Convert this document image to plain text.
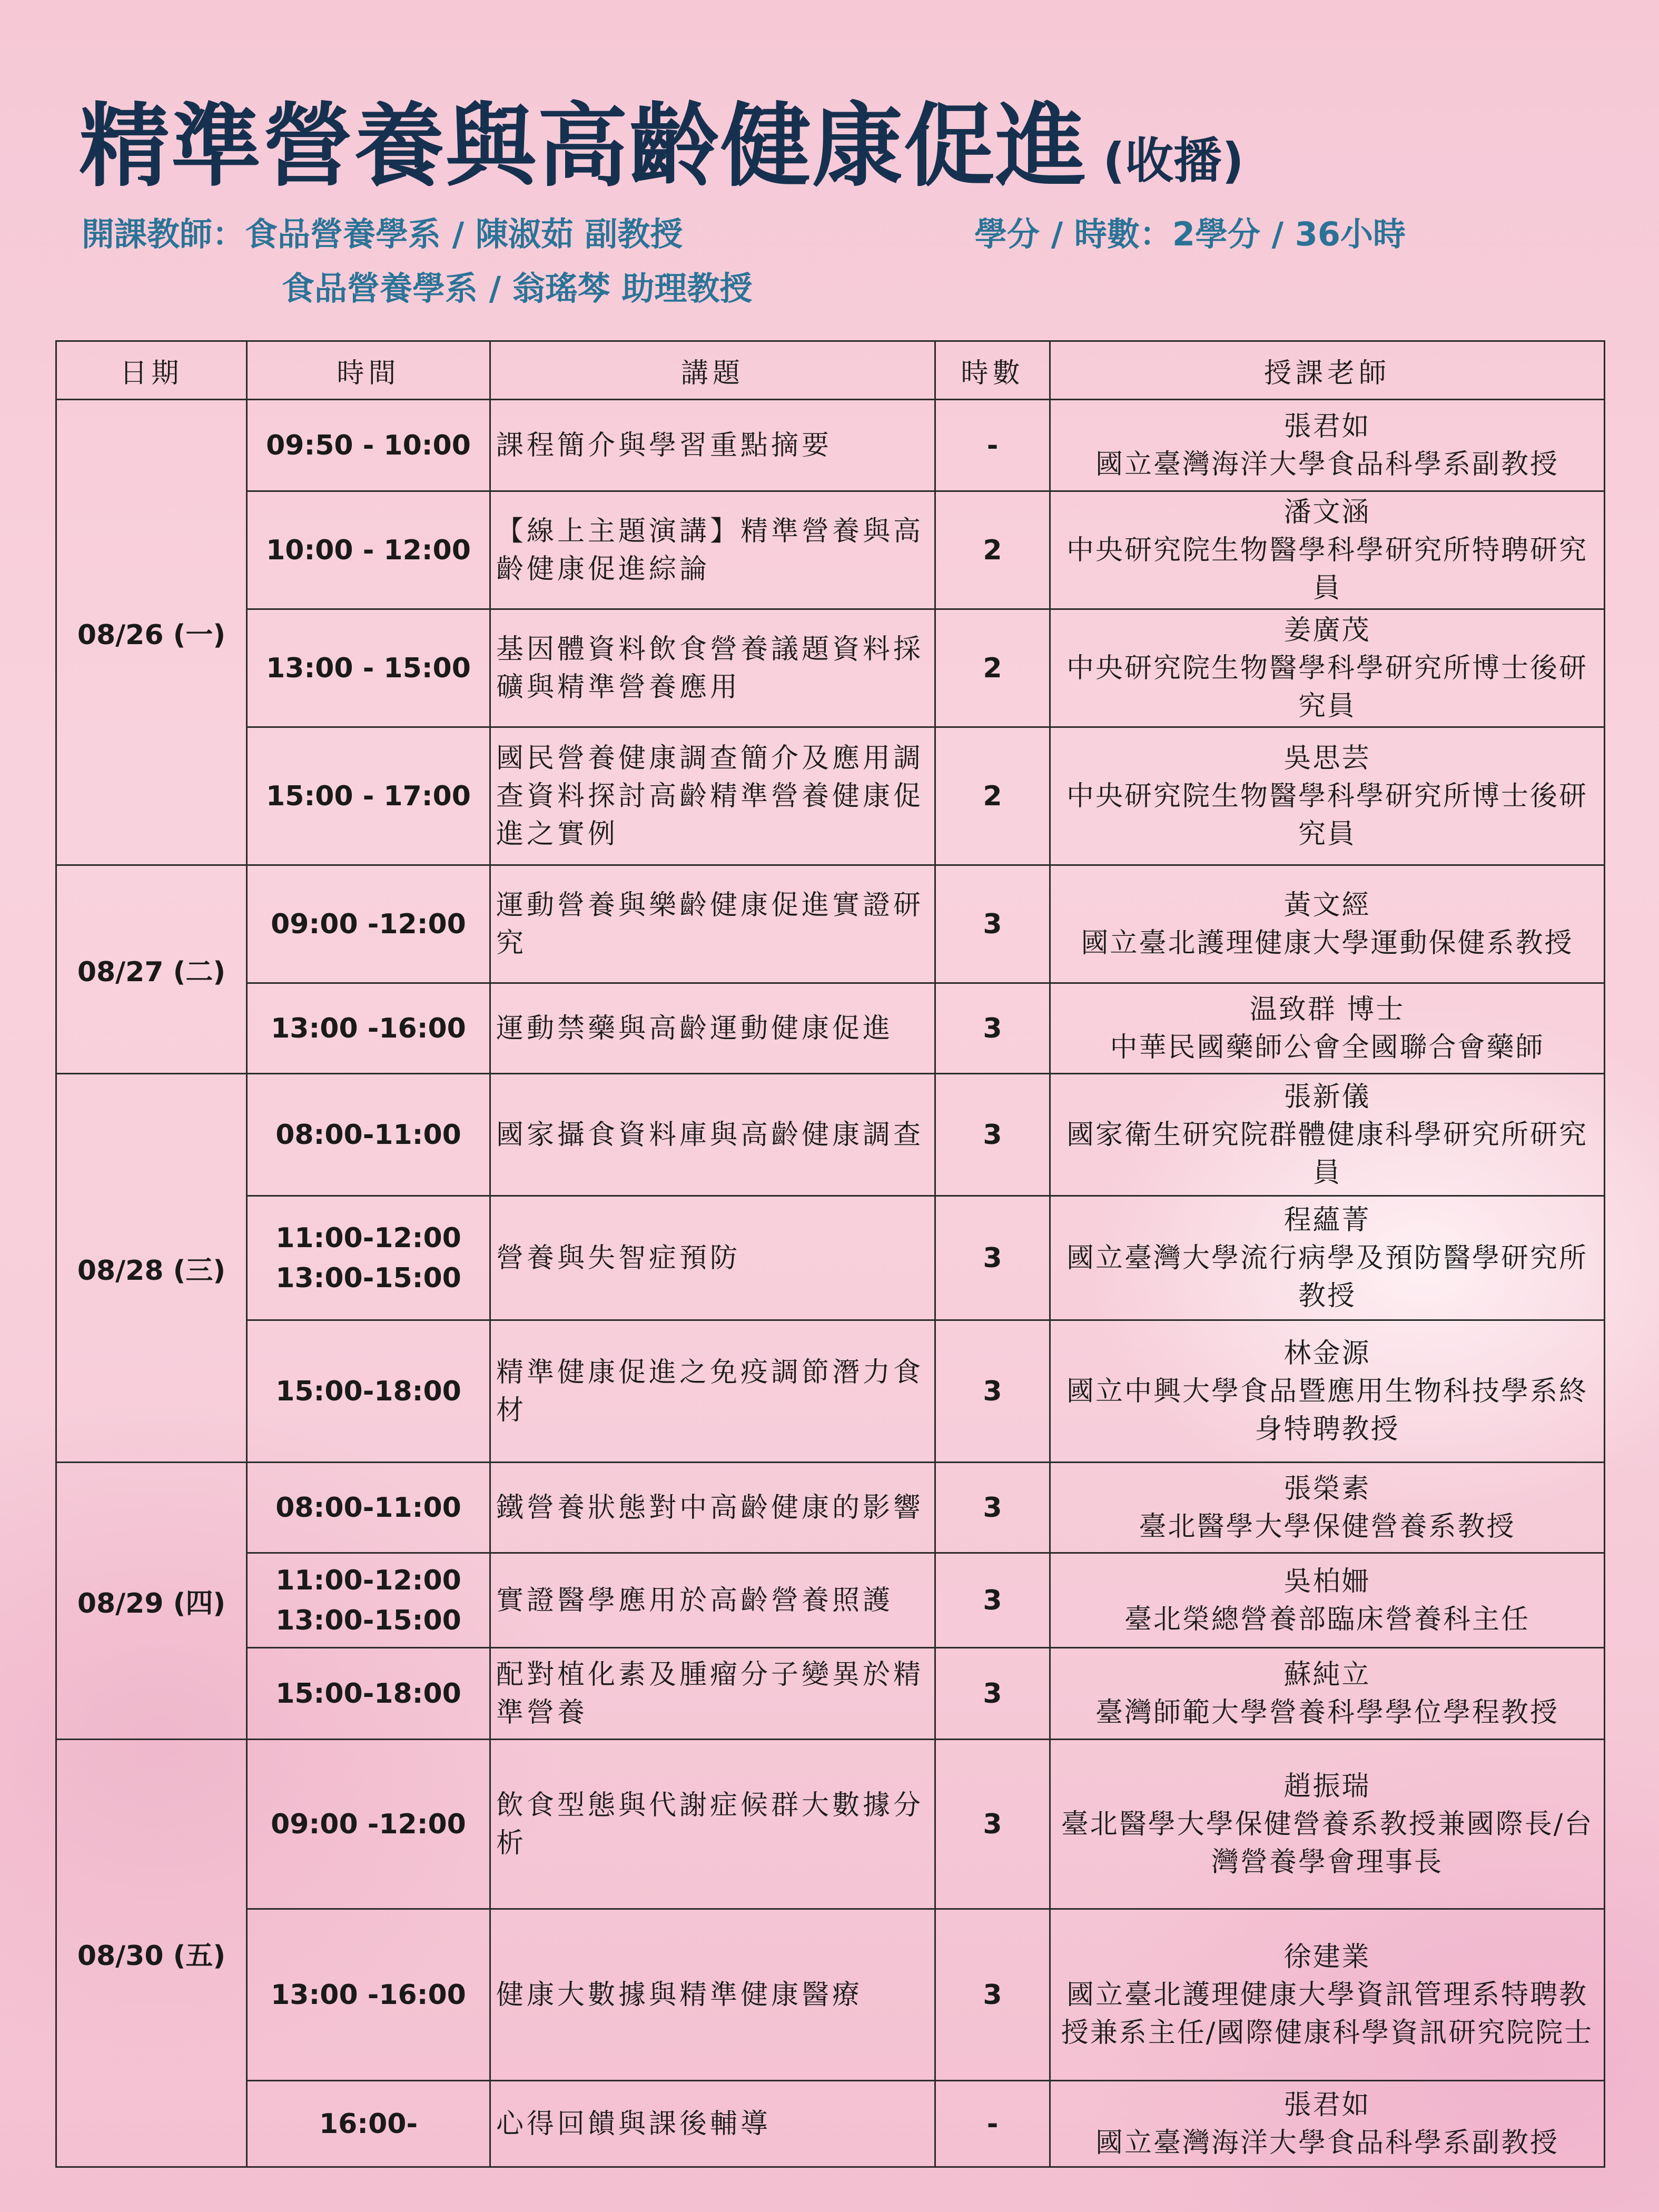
精準營養與高齡健康促進 (收播)
開課教師：食品營養學系 / 陳淑茹 副教授
食品營養學系 / 翁瑤棽 助理教授
學分 / 時數：2學分 / 36小時
日期	時間	講題	時數	授課老師
08/26 (一)	09:50 - 10:00	課程簡介與學習重點摘要	-	張君如
國立臺灣海洋大學食品科學系副教授

	10:00 - 12:00	【線上主題演講】精準營養與高齡健康促進綜論	2	潘文涵
中央研究院生物醫學科學研究所特聘研究員

	13:00 - 15:00	基因體資料飲食營養議題資料採礦與精準營養應用	2	姜廣茂
中央研究院生物醫學科學研究所博士後研究員

	15:00 - 17:00	國民營養健康調查簡介及應用調查資料探討高齡精準營養健康促進之實例	2	吳思芸
中央研究院生物醫學科學研究所博士後研究員

08/27 (二)	09:00 -12:00	運動營養與樂齡健康促進實證研究	3	黃文經
國立臺北護理健康大學運動保健系教授

	13:00 -16:00	運動禁藥與高齡運動健康促進	3	温致群 博士
中華民國藥師公會全國聯合會藥師

08/28 (三)	08:00-11:00	國家攝食資料庫與高齡健康調查	3	張新儀
國家衛生研究院群體健康科學研究所研究員

	11:00-12:00
13:00-15:00	營養與失智症預防	3	程蘊菁
國立臺灣大學流行病學及預防醫學研究所教授

	15:00-18:00	精準健康促進之免疫調節潛力食材	3	林金源
國立中興大學食品暨應用生物科技學系終身特聘教授

08/29 (四)	08:00-11:00	鐵營養狀態對中高齡健康的影響	3	張榮素
臺北醫學大學保健營養系教授

	11:00-12:00
13:00-15:00	實證醫學應用於高齡營養照護	3	吳柏姍
臺北榮總營養部臨床營養科主任

	15:00-18:00	配對植化素及腫瘤分子變異於精準營養	3	蘇純立
臺灣師範大學營養科學學位學程教授

08/30 (五)	09:00 -12:00	飲食型態與代謝症候群大數據分析	3	趙振瑞
臺北醫學大學保健營養系教授兼國際長/台灣營養學會理事長

	13:00 -16:00	健康大數據與精準健康醫療	3	徐建業
國立臺北護理健康大學資訊管理系特聘教授兼系主任/國際健康科學資訊研究院院士

	16:00-	心得回饋與課後輔導	-	張君如
國立臺灣海洋大學食品科學系副教授
